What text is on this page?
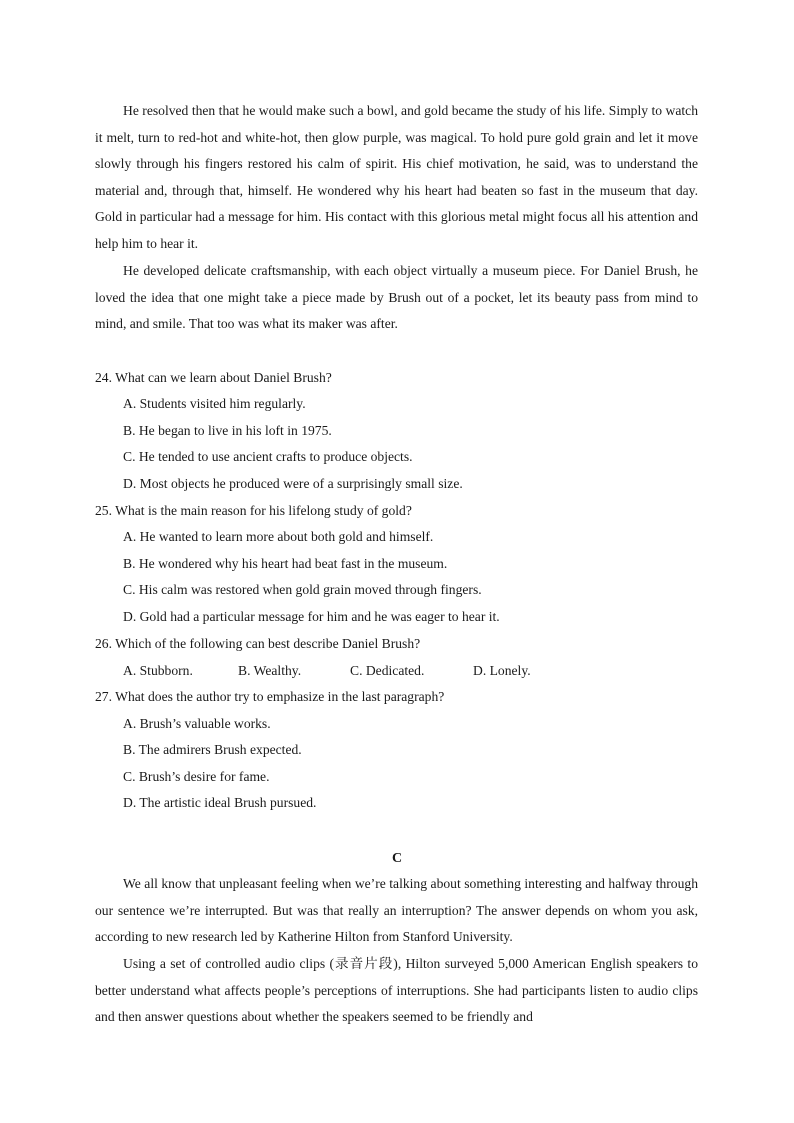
He resolved then that he would make such a bowl, and gold became the study of his life. Simply to watch it melt, turn to red-hot and white-hot, then glow purple, was magical. To hold pure gold grain and let it move slowly through his fingers restored his calm of spirit. His chief motivation, he said, was to understand the material and, through that, himself. He wondered why his heart had beaten so fast in the museum that day. Gold in particular had a message for him. His contact with this glorious metal might focus all his attention and help him to hear it.

He developed delicate craftsmanship, with each object virtually a museum piece. For Daniel Brush, he loved the idea that one might take a piece made by Brush out of a pocket, let its beauty pass from mind to mind, and smile. That too was what its maker was after.

24. What can we learn about Daniel Brush?

A. Students visited him regularly.

B. He began to live in his loft in 1975.

C. He tended to use ancient crafts to produce objects.

D. Most objects he produced were of a surprisingly small size.

25. What is the main reason for his lifelong study of gold?

A. He wanted to learn more about both gold and himself.

B. He wondered why his heart had beat fast in the museum.

C. His calm was restored when gold grain moved through fingers.

D. Gold had a particular message for him and he was eager to hear it.

26. Which of the following can best describe Daniel Brush?

A. Stubborn.	B. Wealthy.	C. Dedicated.	D. Lonely.

27. What does the author try to emphasize in the last paragraph?

A. Brush’s valuable works.

B. The admirers Brush expected.

C. Brush’s desire for fame.

D. The artistic ideal Brush pursued.

C

We all know that unpleasant feeling when we’re talking about something interesting and halfway through our sentence we’re interrupted. But was that really an interruption? The answer depends on whom you ask, according to new research led by Katherine Hilton from Stanford University.

Using a set of controlled audio clips (录音片段), Hilton surveyed 5,000 American English speakers to better understand what affects people’s perceptions of interruptions. She had participants listen to audio clips and then answer questions about whether the speakers seemed to be friendly and
